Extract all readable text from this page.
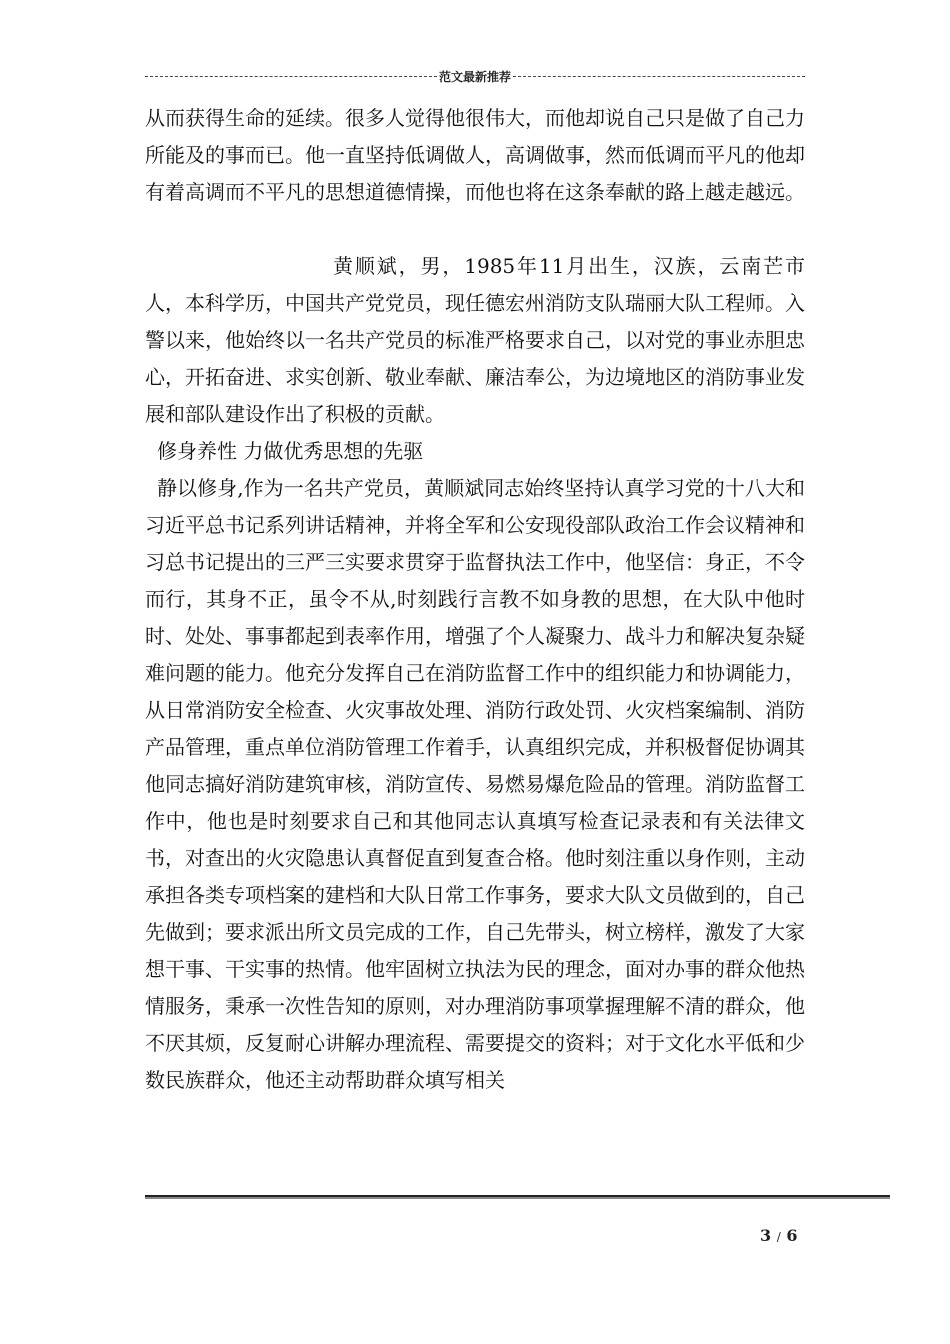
范文最新推荐

从而获得生命的延续。很多人觉得他很伟大，而他却说自己只是做了自己力所能及的事而已。他一直坚持低调做人，高调做事，然而低调而平凡的他却有着高调而不平凡的思想道德情操，而他也将在这条奉献的路上越走越远。

黄顺斌，男，1985年11月出生，汉族，云南芒市人，本科学历，中国共产党党员，现任德宏州消防支队瑞丽大队工程师。入警以来，他始终以一名共产党员的标准严格要求自己，以对党的事业赤胆忠心，开拓奋进、求实创新、敬业奉献、廉洁奉公，为边境地区的消防事业发展和部队建设作出了积极的贡献。

修身养性 力做优秀思想的先驱

静以修身,作为一名共产党员，黄顺斌同志始终坚持认真学习党的十八大和习近平总书记系列讲话精神，并将全军和公安现役部队政治工作会议精神和习总书记提出的三严三实要求贯穿于监督执法工作中，他坚信：身正，不令而行，其身不正，虽令不从,时刻践行言教不如身教的思想，在大队中他时时、处处、事事都起到表率作用，增强了个人凝聚力、战斗力和解决复杂疑难问题的能力。他充分发挥自己在消防监督工作中的组织能力和协调能力，从日常消防安全检查、火灾事故处理、消防行政处罚、火灾档案编制、消防产品管理，重点单位消防管理工作着手，认真组织完成，并积极督促协调其他同志搞好消防建筑审核，消防宣传、易燃易爆危险品的管理。消防监督工作中，他也是时刻要求自己和其他同志认真填写检查记录表和有关法律文书，对查出的火灾隐患认真督促直到复查合格。他时刻注重以身作则，主动承担各类专项档案的建档和大队日常工作事务，要求大队文员做到的，自己先做到；要求派出所文员完成的工作，自己先带头，树立榜样，激发了大家想干事、干实事的热情。他牢固树立执法为民的理念，面对办事的群众他热情服务，秉承一次性告知的原则，对办理消防事项掌握理解不清的群众，他不厌其烦，反复耐心讲解办理流程、需要提交的资料；对于文化水平低和少数民族群众，他还主动帮助群众填写相关

3 / 6
